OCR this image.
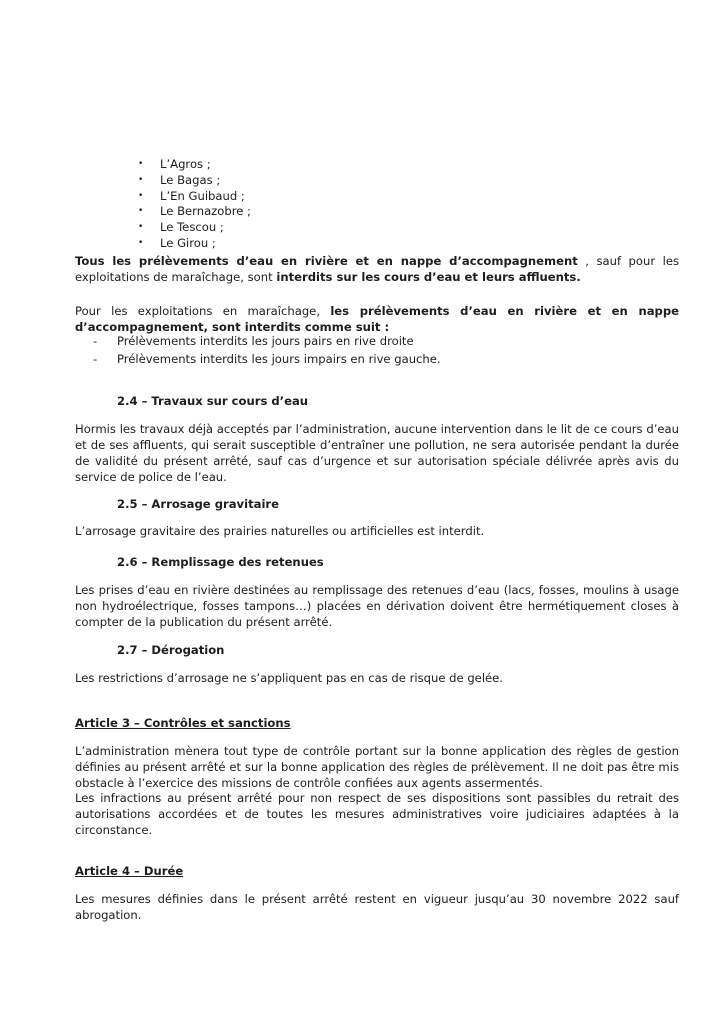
• L’Agros ;
• Le Bagas ;
• L’En Guibaud ;
• Le Bernazobre ;
• Le Tescou ;
• Le Girou ;

Tous les prélèvements d’eau en rivière et en nappe d’accompagnement , sauf pour les exploitations de maraîchage, sont interdits sur les cours d’eau et leurs affluents.

Pour les exploitations en maraîchage, les prélèvements d’eau en rivière et en nappe d’accompagnement, sont interdits comme suit :

- Prélèvements interdits les jours pairs en rive droite
- Prélèvements interdits les jours impairs en rive gauche.
2.4 – Travaux sur cours d’eau

Hormis les travaux déjà acceptés par l’administration, aucune intervention dans le lit de ce cours d’eau et de ses affluents, qui serait susceptible d’entraîner une pollution, ne sera autorisée pendant la durée de validité du présent arrêté, sauf cas d’urgence et sur autorisation spéciale délivrée après avis du service de police de l’eau.

2.5 – Arrosage gravitaire

L’arrosage gravitaire des prairies naturelles ou artificielles est interdit.

2.6 – Remplissage des retenues

Les prises d’eau en rivière destinées au remplissage des retenues d’eau (lacs, fosses, moulins à usage non hydroélectrique, fosses tampons…) placées en dérivation doivent être hermétiquement closes à compter de la publication du présent arrêté.

2.7 – Dérogation

Les restrictions d’arrosage ne s’appliquent pas en cas de risque de gelée.

Article 3 – Contrôles et sanctions

L’administration mènera tout type de contrôle portant sur la bonne application des règles de gestion définies au présent arrêté et sur la bonne application des règles de prélèvement. Il ne doit pas être mis obstacle à l’exercice des missions de contrôle confiées aux agents assermentés.

Les infractions au présent arrêté pour non respect de ses dispositions sont passibles du retrait des autorisations accordées et de toutes les mesures administratives voire judiciaires adaptées à la circonstance.

Article 4 – Durée

Les mesures définies dans le présent arrêté restent en vigueur jusqu’au 30 novembre 2022 sauf abrogation.
